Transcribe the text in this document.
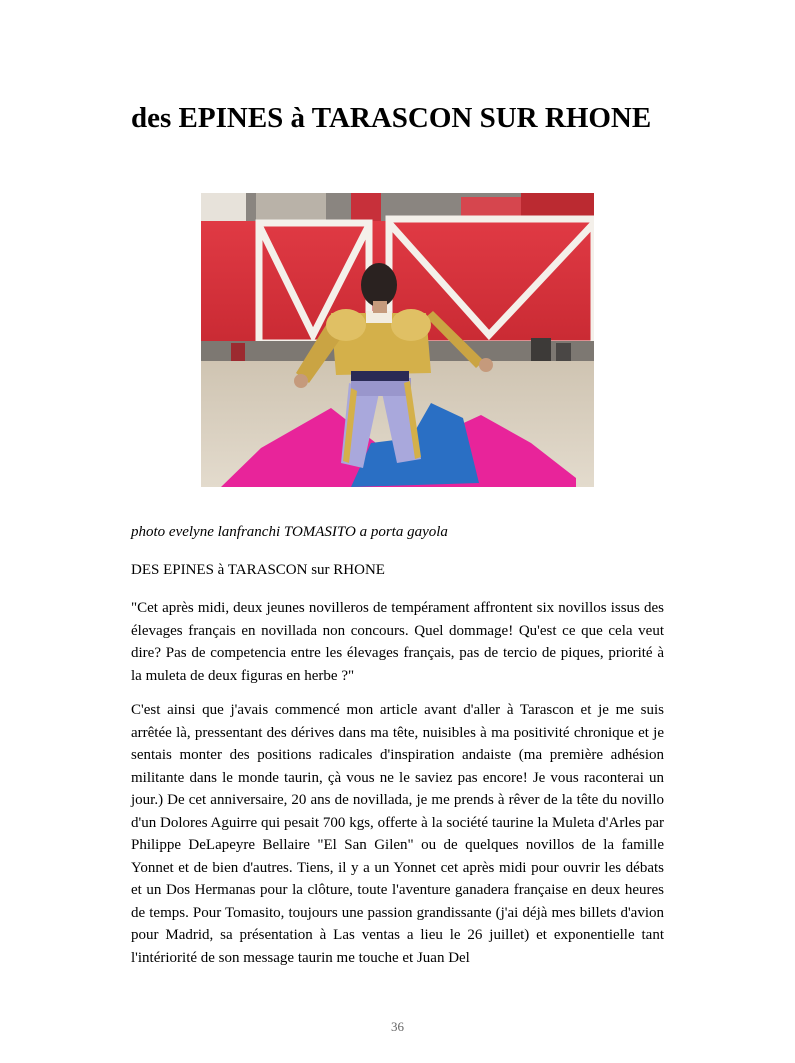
des EPINES à TARASCON SUR RHONE
photo evelyne lanfranchi TOMASITO a porta gayola
DES EPINES à TARASCON sur RHONE

"Cet après midi, deux jeunes novilleros de tempérament affrontent six novillos issus des élevages français en novillada non concours. Quel dommage! Qu'est ce que cela veut dire? Pas de competencia entre les élevages français, pas de tercio de piques, priorité à la muleta de deux figuras en herbe ?"

C'est ainsi que j'avais commencé mon article avant d'aller à Tarascon et je me suis arrêtée là, pressentant des dérives dans ma tête, nuisibles à ma positivité chronique et je sentais monter des positions radicales d'inspiration andaiste (ma première adhésion militante dans le monde taurin, çà vous ne le saviez pas encore! Je vous raconterai un jour.) De cet anniversaire, 20 ans de novillada, je me prends à rêver de la tête du novillo d'un Dolores Aguirre qui pesait 700 kgs, offerte à la société taurine la Muleta d'Arles par Philippe DeLapeyre Bellaire "El San Gilen" ou de quelques novillos de la famille Yonnet et de bien d'autres. Tiens, il y a un Yonnet cet après midi pour ouvrir les débats et un Dos Hermanas pour la clôture, toute l'aventure ganadera française en deux heures de temps. Pour Tomasito, toujours une passion grandissante (j'ai déjà mes billets d'avion pour Madrid, sa présentation à Las ventas a lieu le 26 juillet) et exponentielle tant l'intériorité de son message taurin me touche et Juan Del

36
